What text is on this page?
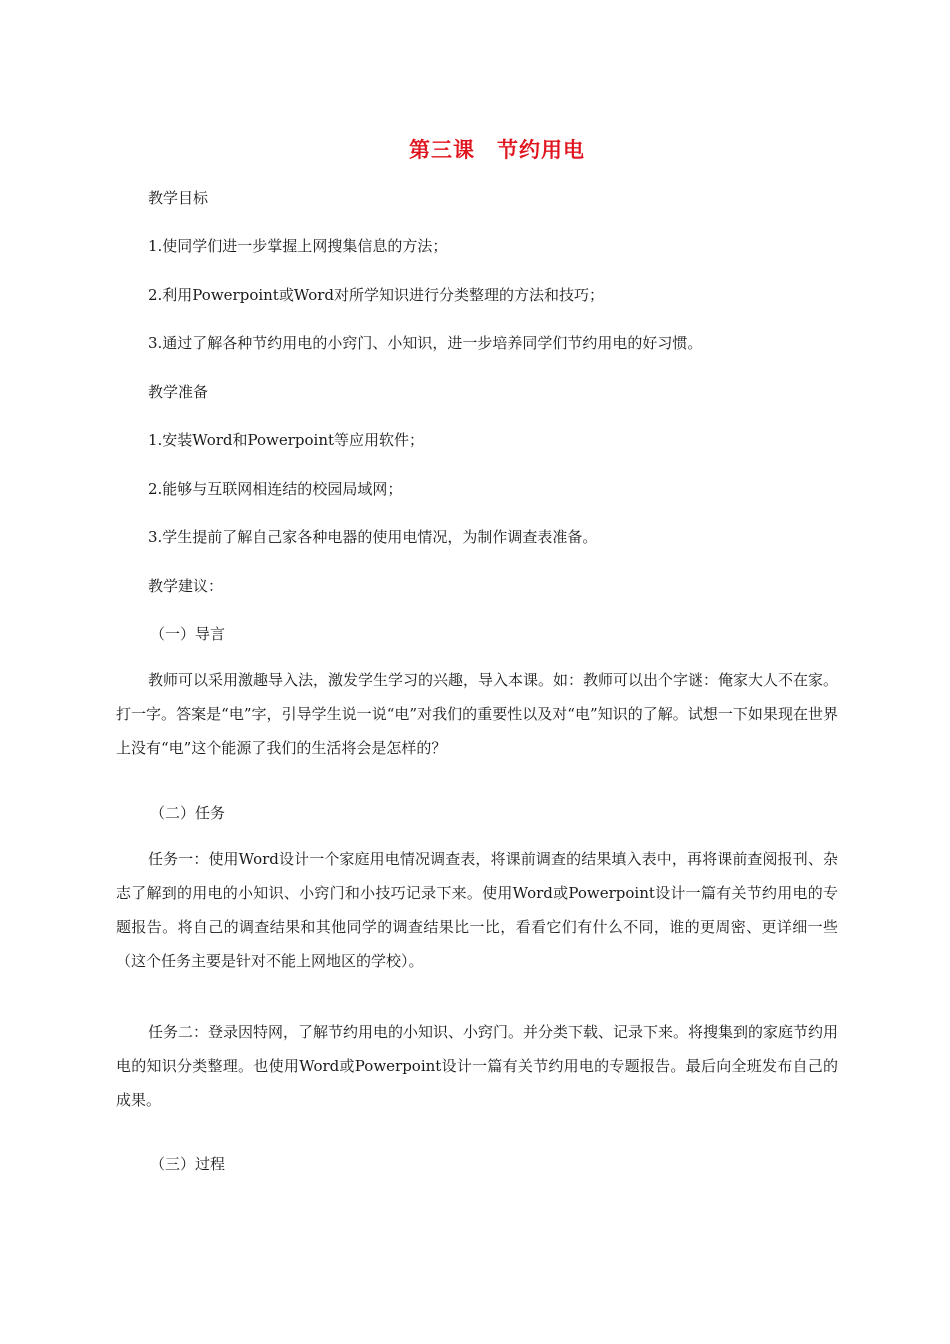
第三课　节约用电
教学目标
1.使同学们进一步掌握上网搜集信息的方法；
2.利用Powerpoint或Word对所学知识进行分类整理的方法和技巧；
3.通过了解各种节约用电的小窍门、小知识，进一步培养同学们节约用电的好习惯。
教学准备
1.安装Word和Powerpoint等应用软件；
2.能够与互联网相连结的校园局域网；
3.学生提前了解自己家各种电器的使用电情况，为制作调查表准备。
教学建议：
（一）导言
教师可以采用激趣导入法，激发学生学习的兴趣，导入本课。如：教师可以出个字谜：俺家大人不在家。打一字。答案是“电”字，引导学生说一说“电”对我们的重要性以及对“电”知识的了解。试想一下如果现在世界上没有“电”这个能源了我们的生活将会是怎样的？
（二）任务
任务一：使用Word设计一个家庭用电情况调查表，将课前调查的结果填入表中，再将课前查阅报刊、杂志了解到的用电的小知识、小窍门和小技巧记录下来。使用Word或Powerpoint设计一篇有关节约用电的专题报告。将自己的调查结果和其他同学的调查结果比一比，看看它们有什么不同，谁的更周密、更详细一些（这个任务主要是针对不能上网地区的学校）。
任务二：登录因特网，了解节约用电的小知识、小窍门。并分类下载、记录下来。将搜集到的家庭节约用电的知识分类整理。也使用Word或Powerpoint设计一篇有关节约用电的专题报告。最后向全班发布自己的成果。
（三）过程
